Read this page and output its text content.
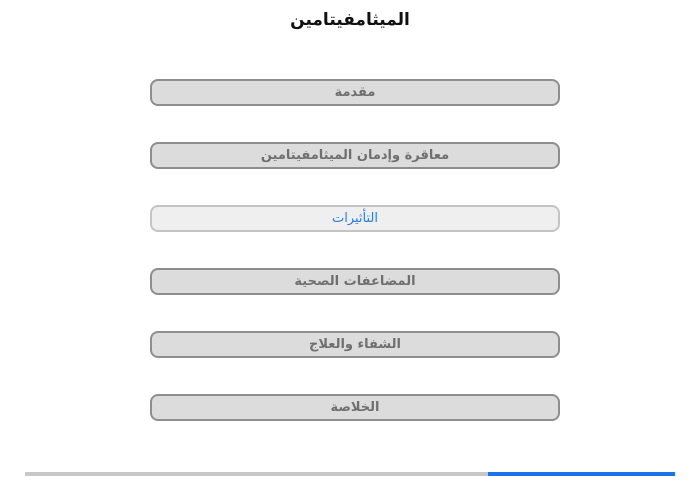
الميثامفيتامين
مقدمة
معاقرة وإدمان الميثامفيتامين
التأثيرات
المضاعفات الصحية
الشفاء والعلاج
الخلاصة
